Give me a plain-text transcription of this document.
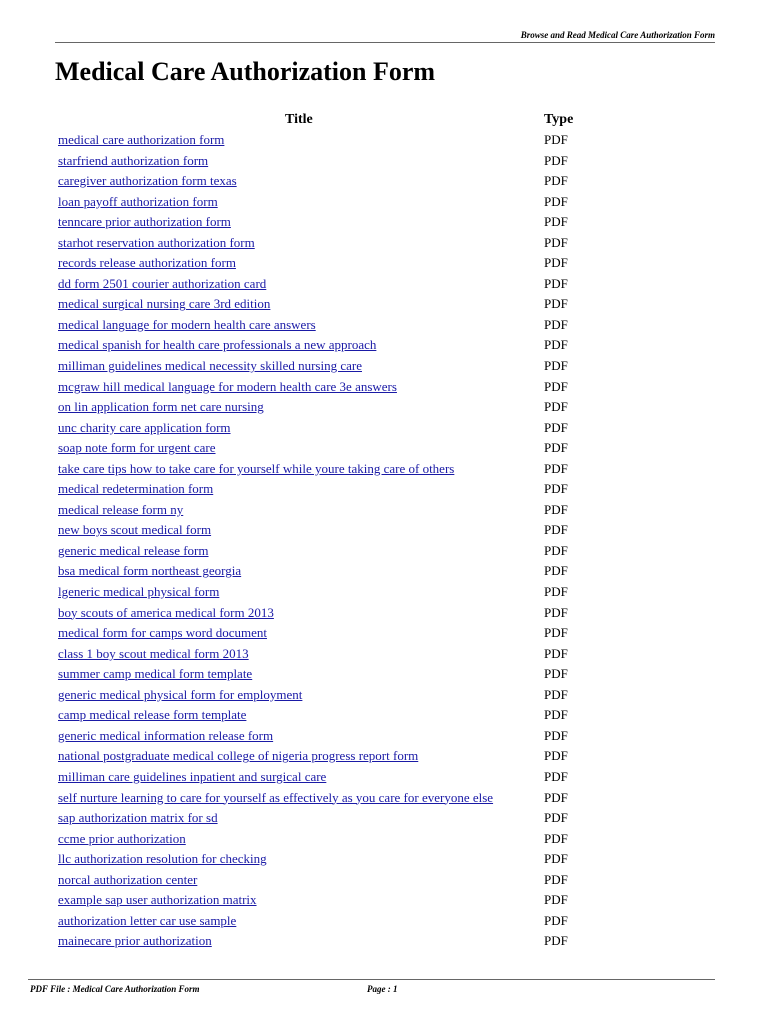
Browse and Read Medical Care Authorization Form
Medical Care Authorization Form
Title	Type
medical care authorization form	PDF
starfriend authorization form	PDF
caregiver authorization form texas	PDF
loan payoff authorization form	PDF
tenncare prior authorization form	PDF
starhot reservation authorization form	PDF
records release authorization form	PDF
dd form 2501 courier authorization card	PDF
medical surgical nursing care 3rd edition	PDF
medical language for modern health care answers	PDF
medical spanish for health care professionals a new approach	PDF
milliman guidelines medical necessity skilled nursing care	PDF
mcgraw hill medical language for modern health care 3e answers	PDF
on lin application form net care nursing	PDF
unc charity care application form	PDF
soap note form for urgent care	PDF
take care tips how to take care for yourself while youre taking care of others	PDF
medical redetermination form	PDF
medical release form ny	PDF
new boys scout medical form	PDF
generic medical release form	PDF
bsa medical form northeast georgia	PDF
lgeneric medical physical form	PDF
boy scouts of america medical form 2013	PDF
medical form for camps word document	PDF
class 1 boy scout medical form 2013	PDF
summer camp medical form template	PDF
generic medical physical form for employment	PDF
camp medical release form template	PDF
generic medical information release form	PDF
national postgraduate medical college of nigeria progress report form	PDF
milliman care guidelines inpatient and surgical care	PDF
self nurture learning to care for yourself as effectively as you care for everyone else	PDF
sap authorization matrix for sd	PDF
ccme prior authorization	PDF
llc authorization resolution for checking	PDF
norcal authorization center	PDF
example sap user authorization matrix	PDF
authorization letter car use sample	PDF
mainecare prior authorization	PDF
PDF File : Medical Care Authorization Form	Page : 1
